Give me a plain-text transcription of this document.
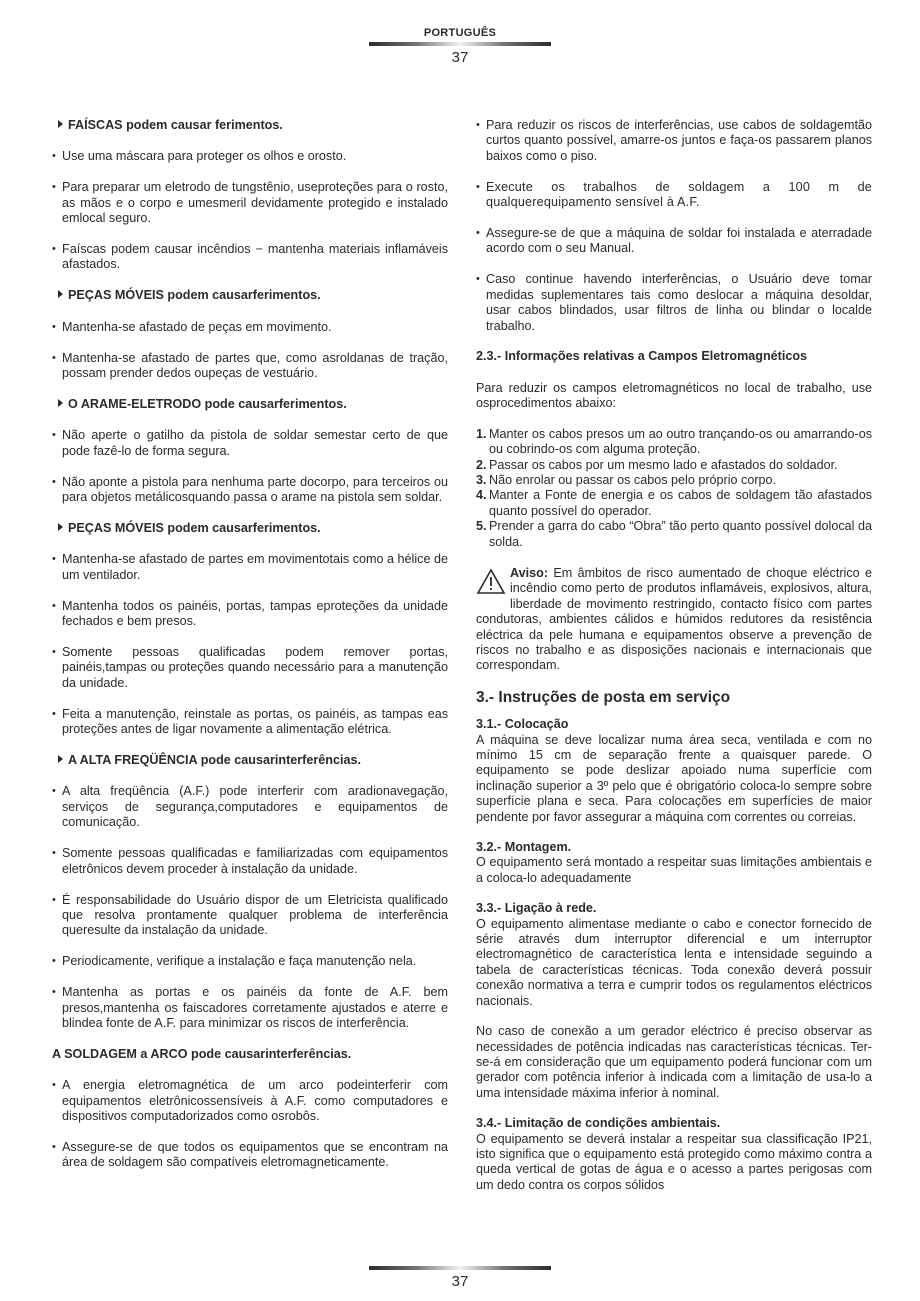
PORTUGUÊS
37
FAÍSCAS podem causar ferimentos.
• Use uma máscara para proteger os olhos e orosto.
• Para preparar um eletrodo de tungstênio, useproteções para o rosto, as mãos e o corpo e umesmeril devidamente protegido e instalado emlocal seguro.
• Faíscas podem causar incêndios − mantenha materiais inflamáveis afastados.
PEÇAS MÓVEIS podem causarferimentos.
• Mantenha-se afastado de peças em movimento.
• Mantenha-se afastado de partes que, como asroldanas de tração, possam prender dedos oupeças de vestuário.
O ARAME-ELETRODO pode causarferimentos.
• Não aperte o gatilho da pistola de soldar semestar certo de que pode fazê-lo de forma segura.
• Não aponte a pistola para nenhuma parte docorpo, para terceiros ou para objetos metálicosquando passa o arame na pistola sem soldar.
PEÇAS MÓVEIS podem causarferimentos.
• Mantenha-se afastado de partes em movimentotais como a hélice de um ventilador.
• Mantenha todos os painéis, portas, tampas eproteções da unidade fechados e bem presos.
• Somente pessoas qualificadas podem remover portas, painéis,tampas ou proteções quando necessário para a manutenção da unidade.
• Feita a manutenção, reinstale as portas, os painéis, as tampas eas proteções antes de ligar novamente a alimentação elétrica.
A ALTA FREQÜÊNCIA pode causarinterferências.
• A alta freqüência (A.F.) pode interferir com aradionavegação, serviços de segurança,computadores e equipamentos de comunicação.
• Somente pessoas qualificadas e familiarizadas com equipamentos eletrônicos devem proceder à instalação da unidade.
• É responsabilidade do Usuário dispor de um Eletricista qualificado que resolva prontamente qualquer problema de interferência queresulte da instalação da unidade.
• Periodicamente, verifique a instalação e faça manutenção nela.
• Mantenha as portas e os painéis da fonte de A.F. bem presos,mantenha os faiscadores corretamente ajustados e aterre e blindea fonte de A.F. para minimizar os riscos de interferência.
A SOLDAGEM a ARCO pode causarinterferências.
• A energia eletromagnética de um arco podeinterferir com equipamentos eletrônicossensíveis à A.F. como computadores e dispositivos computadorizados como osrobôs.
• Assegure-se de que todos os equipamentos que se encontram na área de soldagem são compatíveis eletromagneticamente.
• Para reduzir os riscos de interferências, use cabos de soldagemtão curtos quanto possível, amarre-os juntos e faça-os passarem planos baixos como o piso.
• Execute os trabalhos de soldagem a 100 m de qualquerequipamento sensível à A.F.
• Assegure-se de que a máquina de soldar foi instalada e aterradade acordo com o seu Manual.
• Caso continue havendo interferências, o Usuário deve tomar medidas suplementares tais como deslocar a máquina desoldar, usar cabos blindados, usar filtros de linha ou blindar o localde trabalho.
2.3.- Informações relativas a Campos Eletromagnéticos
Para reduzir os campos eletromagnéticos no local de trabalho, use osprocedimentos abaixo:
1. Manter os cabos presos um ao outro trançando-os ou amarrando-os ou cobrindo-os com alguma proteção.
2. Passar os cabos por um mesmo lado e afastados do soldador.
3. Não enrolar ou passar os cabos pelo próprio corpo.
4. Manter a Fonte de energia e os cabos de soldagem tão afastados quanto possível do operador.
5. Prender a garra do cabo “Obra” tão perto quanto possível dolocal da solda.
Aviso: Em âmbitos de risco aumentado de choque eléctrico e incêndio como perto de produtos inflamáveis, explosivos, altura, liberdade de movimento restringido, contacto físico com partes condutoras, ambientes cálidos e húmidos redutores da resistência eléctrica da pele humana e equipamentos observe a prevenção de riscos no trabalho e as disposições nacionais e internacionais que correspondam.
3.- Instruções de posta em serviço
3.1.- Colocação
A máquina se deve localizar numa área seca, ventilada e com no mínimo 15 cm de separação frente a quaisquer parede. O equipamento se pode deslizar apoiado numa superfície com inclinação superior a 3º pelo que é obrigatório coloca-lo sempre sobre superfície plana e seca. Para colocações em superfícies de maior pendente por favor assegurar a máquina com correntes ou correias.
3.2.- Montagem.
O equipamento será montado a respeitar suas limitações ambientais e a coloca-lo adequadamente
3.3.- Ligação à rede.
O equipamento alimentase mediante o cabo e conector fornecido de série através dum interruptor diferencial e um interruptor electromagnético de característica lenta e intensidade seguindo a tabela de características técnicas. Toda conexão deverá possuir conexão normativa a terra e cumprir todos os regulamentos eléctricos nacionais.
No caso de conexão a um gerador eléctrico é preciso observar as necessidades de potência indicadas nas características técnicas. Ter-se-á em consideração que um equipamento poderá funcionar com um gerador com potência inferior à indicada com a limitação de usa-lo a uma intensidade máxima inferior à nominal.
3.4.- Limitação de condições ambientais.
O equipamento se deverá instalar a respeitar sua classificação IP21, isto significa que o equipamento está protegido como máximo contra a queda vertical de gotas de água e o acesso a partes perigosas com um dedo contra os corpos sólidos
37
